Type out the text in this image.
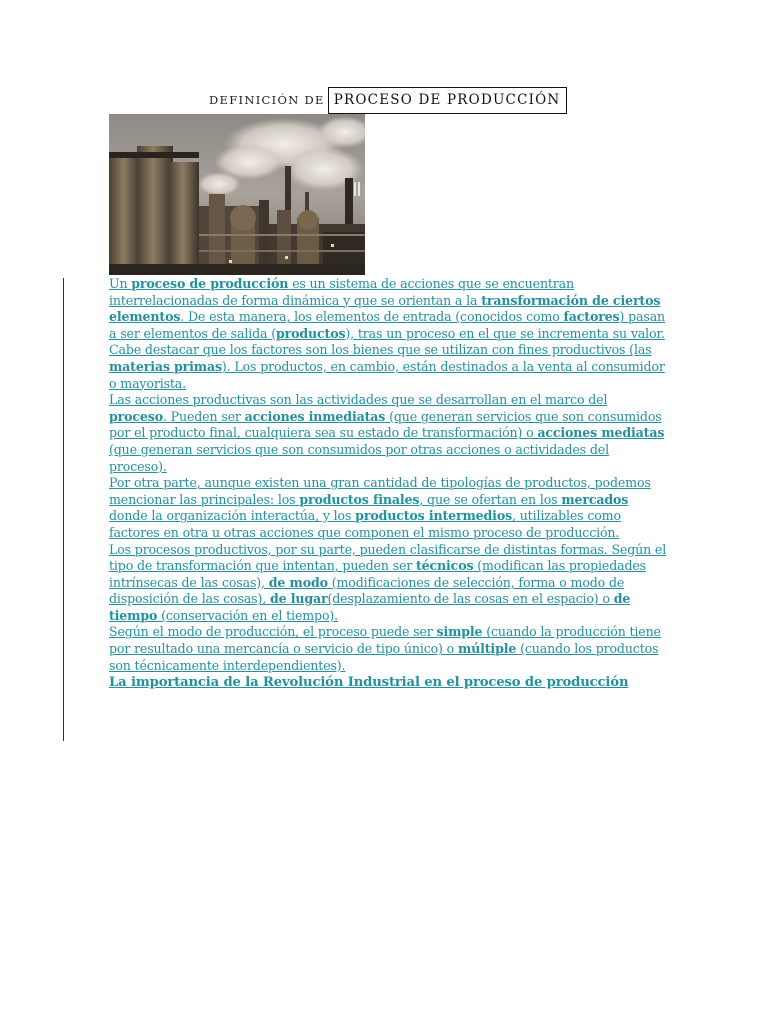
DEFINICIÓN DE PROCESO DE PRODUCCIÓN

Un proceso de producción es un sistema de acciones que se encuentran interrelacionadas de forma dinámica y que se orientan a la transformación de ciertos elementos. De esta manera, los elementos de entrada (conocidos como factores) pasan a ser elementos de salida (productos), tras un proceso en el que se incrementa su valor.

Cabe destacar que los factores son los bienes que se utilizan con fines productivos (las materias primas). Los productos, en cambio, están destinados a la venta al consumidor o mayorista.

Las acciones productivas son las actividades que se desarrollan en el marco del proceso. Pueden ser acciones inmediatas (que generan servicios que son consumidos por el producto final, cualquiera sea su estado de transformación) o acciones mediatas (que generan servicios que son consumidos por otras acciones o actividades del proceso).

Por otra parte, aunque existen una gran cantidad de tipologías de productos, podemos mencionar las principales: los productos finales, que se ofertan en los mercados donde la organización interactúa, y los productos intermedios, utilizables como factores en otra u otras acciones que componen el mismo proceso de producción.

Los procesos productivos, por su parte, pueden clasificarse de distintas formas. Según el tipo de transformación que intentan, pueden ser técnicos (modifican las propiedades intrínsecas de las cosas), de modo (modificaciones de selección, forma o modo de disposición de las cosas), de lugar(desplazamiento de las cosas en el espacio) o de tiempo (conservación en el tiempo).

Según el modo de producción, el proceso puede ser simple (cuando la producción tiene por resultado una mercancía o servicio de tipo único) o múltiple (cuando los productos son técnicamente interdependientes).

La importancia de la Revolución Industrial en el proceso de producción
